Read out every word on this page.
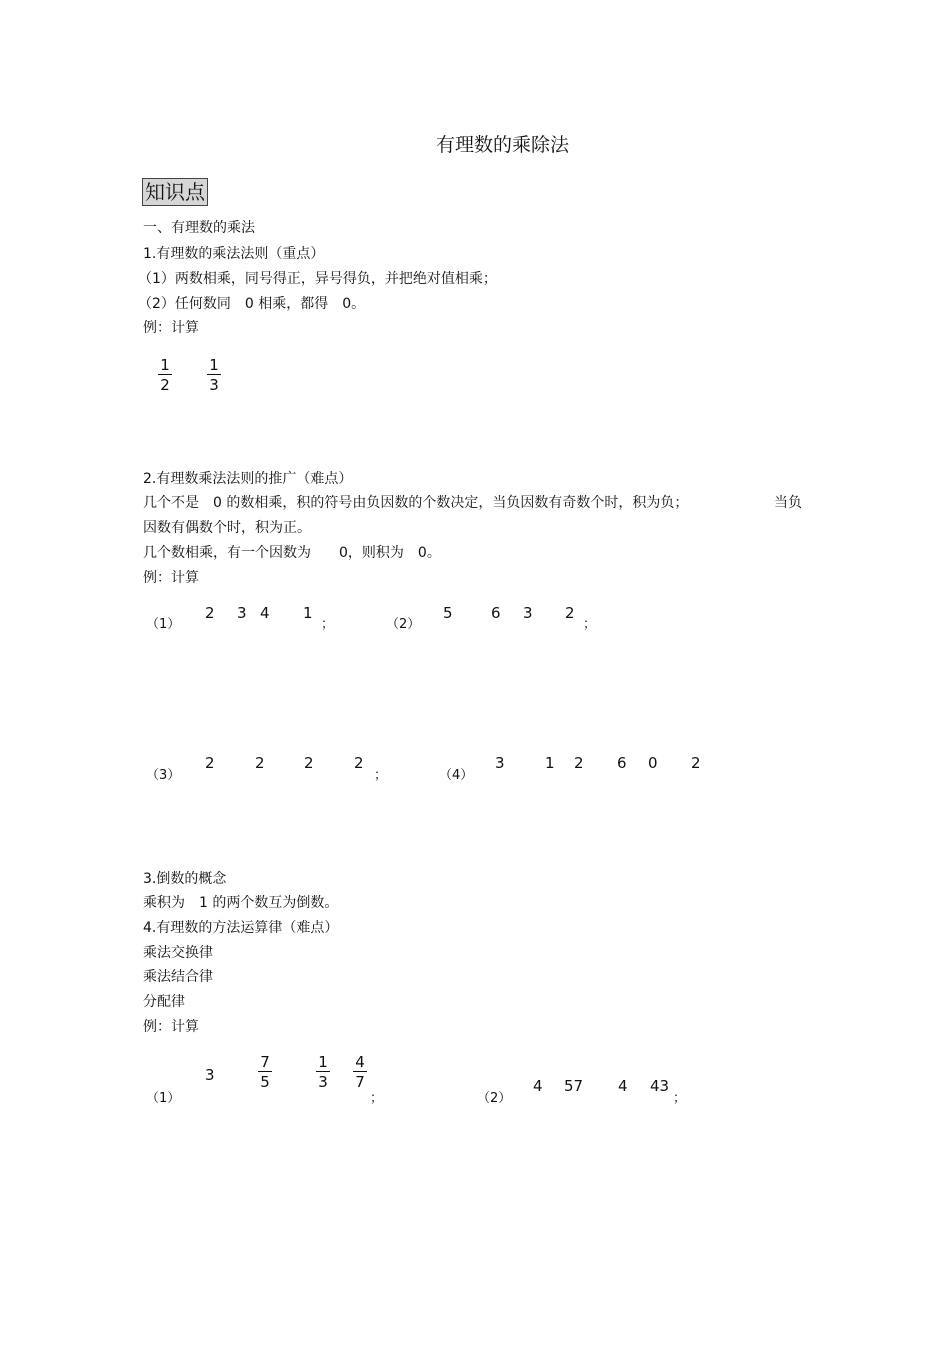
有理数的乘除法
知识点
一、有理数的乘法
1.有理数的乘法法则（重点）
（1）两数相乘，同号得正，异号得负，并把绝对值相乘；
（2）任何数同　0 相乘，都得　0。
例：计算
$\frac{1}{2} \frac{1}{3}$
2.有理数乘法法则的推广（难点）
几个不是　0 的数相乘，积的符号由负因数的个数决定，当负因数有奇数个时，积为负；	当负
因数有偶数个时，积为正。
几个数相乘，有一个因数为　　0，则积为　0。
例：计算
（1）
2 3 4 1
；	（2）
5	6 3 2
；
（3）
2	2	2	2
；	（4）
3	1 2 6 0 2
3.倒数的概念
乘积为　1 的两个数互为倒数。
4.有理数的方法运算律（难点）
乘法交换律
乘法结合律
分配律
例：计算
（1）
3	$\frac{7}{5}$	$\frac{1}{3} \frac{4}{7}$
；	（2）
4 57 4 43
；
